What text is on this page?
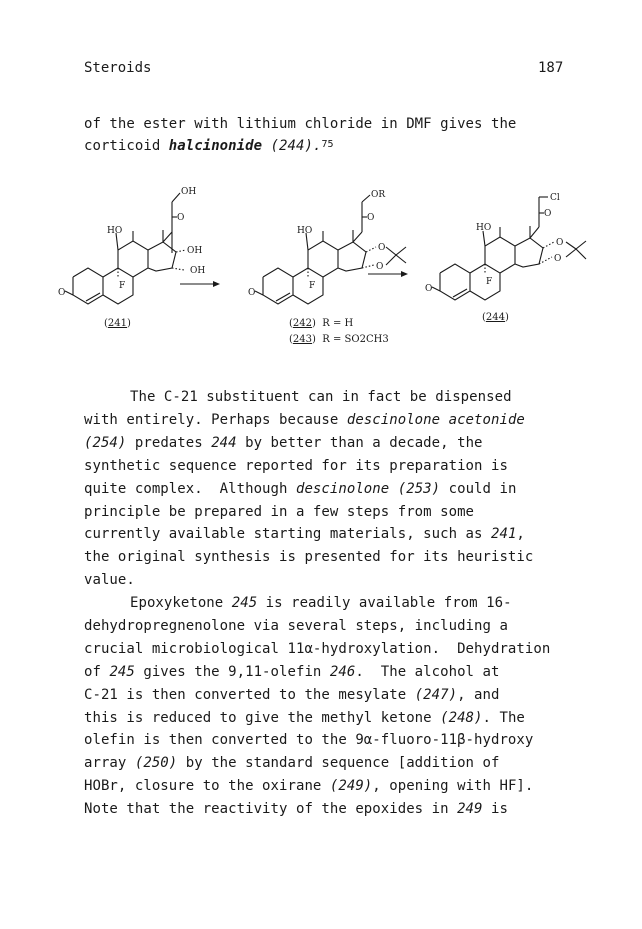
Steroids	187
of the ester with lithium chloride in DMF gives the
corticoid halcinonide (244).$^{75}$
OH
O
OH
OH
HO
F
O
OR
O
O
O
HO
F
O
Cl
O
O
O
HO
F
O
(241)	(242)  R = H
(243)  R = SO2CH3
(244)
The C-21 substituent can in fact be dispensed
with entirely. Perhaps because descinolone acetonide
(254) predates 244 by better than a decade, the
synthetic sequence reported for its preparation is
quite complex.  Although descinolone (253) could in
principle be prepared in a few steps from some
currently available starting materials, such as 241,
the original synthesis is presented for its heuristic
value.
Epoxyketone 245 is readily available from 16-
dehydropregnenolone via several steps, including a
crucial microbiological 11α-hydroxylation.  Dehydration
of 245 gives the 9,11-olefin 246.  The alcohol at
C-21 is then converted to the mesylate (247), and
this is reduced to give the methyl ketone (248). The
olefin is then converted to the 9α-fluoro-11β-hydroxy
array (250) by the standard sequence [addition of
HOBr, closure to the oxirane (249), opening with HF].
Note that the reactivity of the epoxides in 249 is
